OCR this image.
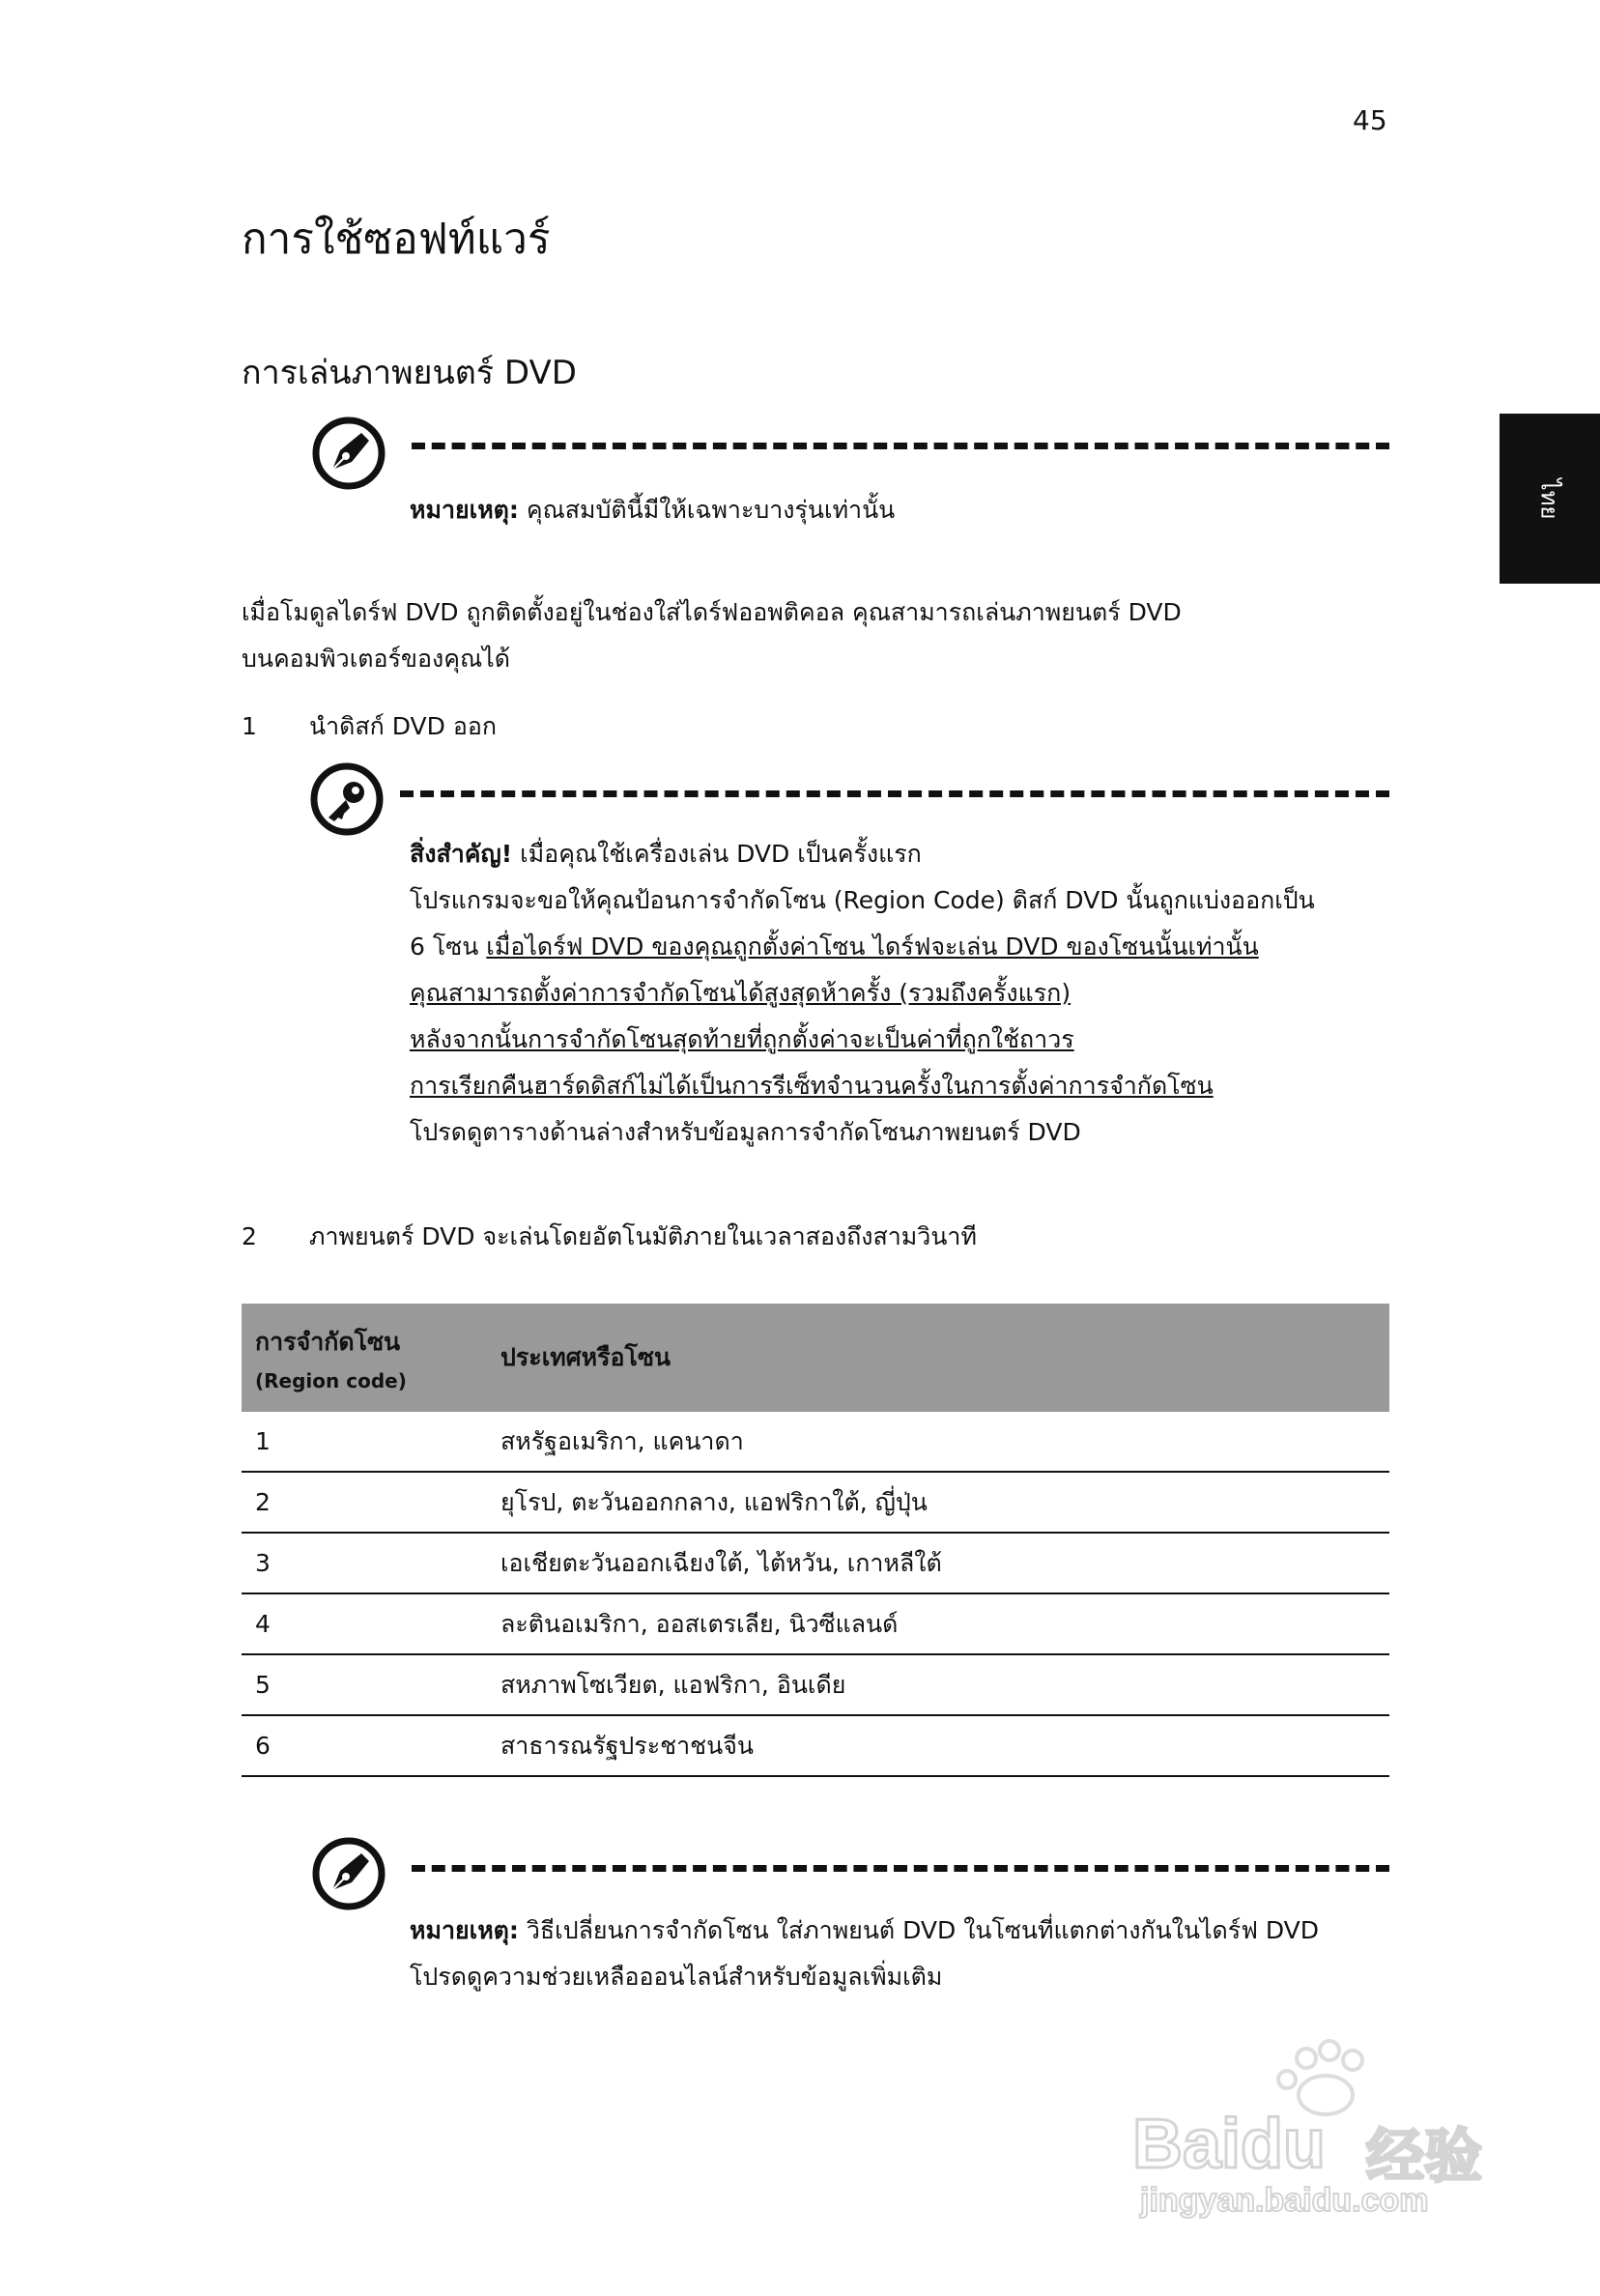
45
ไทย
การใช้ซอฟท์แวร์
การเล่นภาพยนตร์ DVD
หมายเหตุ: คุณสมบัตินี้มีให้เฉพาะบางรุ่นเท่านั้น
เมื่อโมดูลไดร์ฟ DVD ถูกติดตั้งอยู่ในช่องใส่ไดร์ฟออพติคอล คุณสามารถเล่นภาพยนตร์ DVD
บนคอมพิวเตอร์ของคุณได้
1 นำดิสก์ DVD ออก
สิ่งสำคัญ! เมื่อคุณใช้เครื่องเล่น DVD เป็นครั้งแรก
โปรแกรมจะขอให้คุณป้อนการจำกัดโซน (Region Code) ดิสก์ DVD นั้นถูกแบ่งออกเป็น
6 โซน เมื่อไดร์ฟ DVD ของคุณถูกตั้งค่าโซน ไดร์ฟจะเล่น DVD ของโซนนั้นเท่านั้น
คุณสามารถตั้งค่าการจำกัดโซนได้สูงสุดห้าครั้ง (รวมถึงครั้งแรก)
หลังจากนั้นการจำกัดโซนสุดท้ายที่ถูกตั้งค่าจะเป็นค่าที่ถูกใช้ถาวร
การเรียกคืนฮาร์ดดิสก์ไม่ได้เป็นการรีเซ็ทจำนวนครั้งในการตั้งค่าการจำกัดโซน
โปรดดูตารางด้านล่างสำหรับข้อมูลการจำกัดโซนภาพยนตร์ DVD
2 ภาพยนตร์ DVD จะเล่นโดยอัตโนมัติภายในเวลาสองถึงสามวินาที
การจำกัดโซน
(Region code)	ประเทศหรือโซน
1	สหรัฐอเมริกา, แคนาดา
2	ยุโรป, ตะวันออกกลาง, แอฟริกาใต้, ญี่ปุ่น
3	เอเชียตะวันออกเฉียงใต้, ไต้หวัน, เกาหลีใต้
4	ละตินอเมริกา, ออสเตรเลีย, นิวซีแลนด์
5	สหภาพโซเวียต, แอฟริกา, อินเดีย
6	สาธารณรัฐประชาชนจีน
หมายเหตุ: วิธีเปลี่ยนการจำกัดโซน ใส่ภาพยนต์ DVD ในโซนที่แตกต่างกันในไดร์ฟ DVD
โปรดดูความช่วยเหลือออนไลน์สำหรับข้อมูลเพิ่มเติม
Baidu 经验
jingyan.baidu.com
